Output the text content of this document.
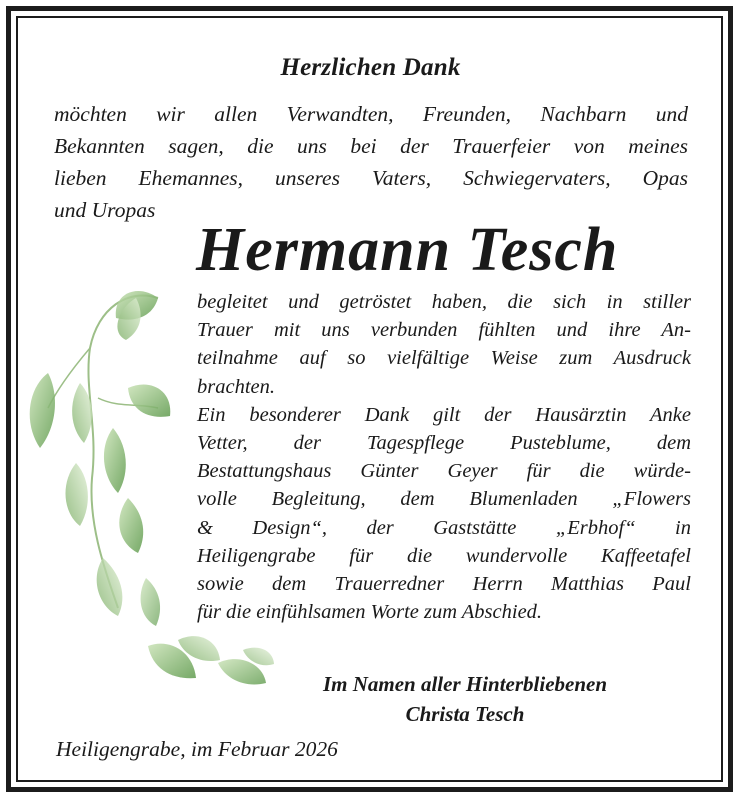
Herzlichen Dank
möchten wir allen Verwandten, Freunden, Nachbarn und
Bekannten sagen, die uns bei der Trauerfeier von meines
lieben Ehemannes, unseres Vaters, Schwiegervaters, Opas
und Uropas
Hermann Tesch
begleitet und getröstet haben, die sich in stiller
Trauer mit uns verbunden fühlten und ihre An-
teilnahme auf so vielfältige Weise zum Ausdruck
brachten.
Ein besonderer Dank gilt der Hausärztin Anke
Vetter, der Tagespflege Pusteblume, dem
Bestattungshaus Günter Geyer für die würde-
volle Begleitung, dem Blumenladen „Flowers
& Design“, der Gaststätte „Erbhof“ in
Heiligengrabe für die wundervolle Kaffeetafel
sowie dem Trauerredner Herrn Matthias Paul
für die einfühlsamen Worte zum Abschied.
Im Namen aller Hinterbliebenen
Christa Tesch
Heiligengrabe, im Februar 2026
